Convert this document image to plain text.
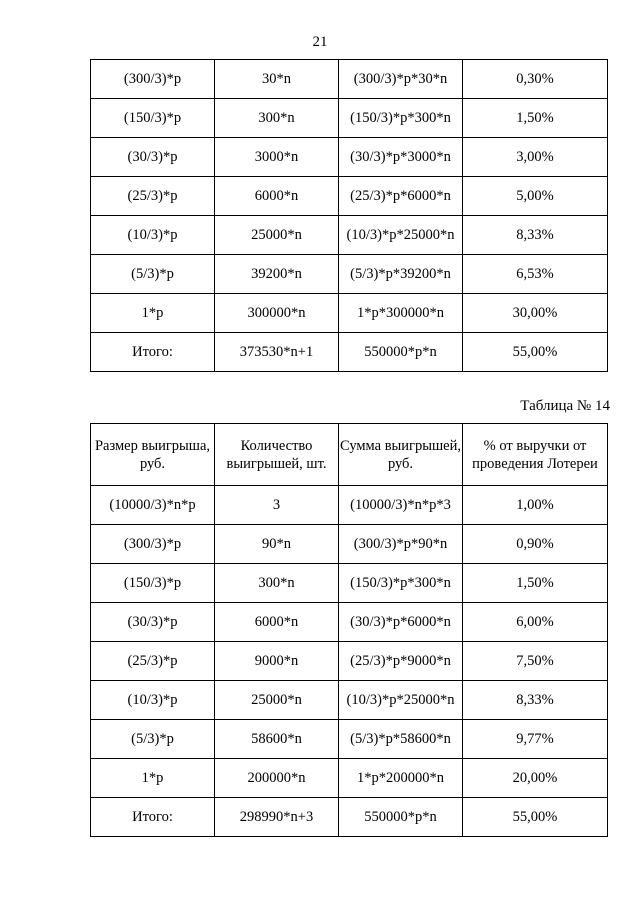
21
(300/3)*p	30*n	(300/3)*p*30*n	0,30%
(150/3)*p	300*n	(150/3)*p*300*n	1,50%
(30/3)*p	3000*n	(30/3)*p*3000*n	3,00%
(25/3)*p	6000*n	(25/3)*p*6000*n	5,00%
(10/3)*p	25000*n	(10/3)*p*25000*n	8,33%
(5/3)*p	39200*n	(5/3)*p*39200*n	6,53%
1*p	300000*n	1*p*300000*n	30,00%
Итого:	373530*n+1	550000*p*n	55,00%
Таблица № 14
Размер выигрыша, руб.	Количество выигрышей, шт.	Сумма выигрышей, руб.	% от выручки от проведения Лотереи
(10000/3)*n*p	3	(10000/3)*n*p*3	1,00%
(300/3)*p	90*n	(300/3)*p*90*n	0,90%
(150/3)*p	300*n	(150/3)*p*300*n	1,50%
(30/3)*p	6000*n	(30/3)*p*6000*n	6,00%
(25/3)*p	9000*n	(25/3)*p*9000*n	7,50%
(10/3)*p	25000*n	(10/3)*p*25000*n	8,33%
(5/3)*p	58600*n	(5/3)*p*58600*n	9,77%
1*p	200000*n	1*p*200000*n	20,00%
Итого:	298990*n+3	550000*p*n	55,00%
